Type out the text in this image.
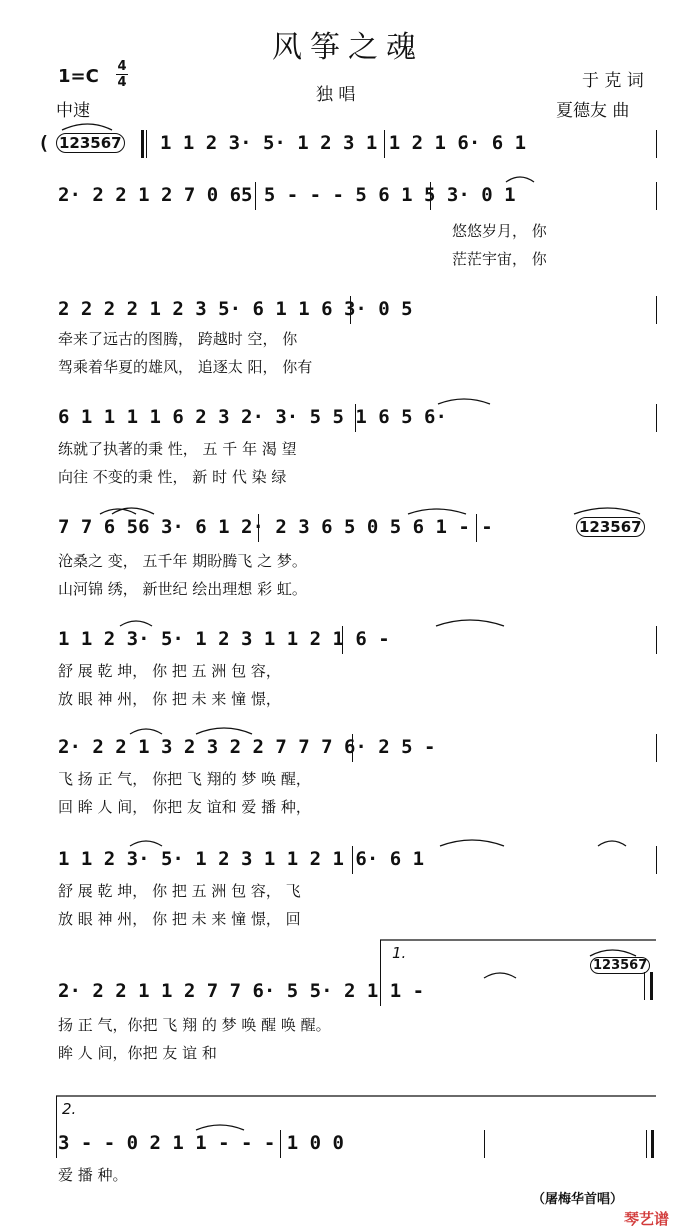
风筝之魂
1=C 4
4
独 唱
于 克 词
夏德友 曲
中速
( 123567 1 1 2 3· 5· 1 2 3 1 1 2 1 6· 6 1
2· 2 2 1 2 7 0 65 5 - - - 5 6 1 5 3· 0 1
悠悠岁月， 你
茫茫宇宙， 你
2 2 2 2 1 2 3 5· 6 1 1 6 3· 0 5
牵来了远古的图腾， 跨越时 空， 你
驾乘着华夏的雄风， 追逐太 阳， 你有
6 1 1 1 1 6 2 3 2· 3· 5 5 1 6 5 6·
练就了执著的秉 性， 五 千 年 渴 望
向往 不变的秉 性， 新 时 代 染 绿
7 7 6 56 3· 6 1 2· 2 3 6 5 0 5 6 1 - -	123567
沧桑之 变， 五千年 期盼腾飞 之 梦。
山河锦 绣， 新世纪 绘出理想 彩 虹。
1 1 2 3· 5· 1 2 3 1 1 2 1 6 -
舒 展 乾 坤， 你 把 五 洲 包 容，
放 眼 神 州， 你 把 未 来 憧 憬，
2· 2 2 1 3 2 3 2 2 7 7 7 6· 2 5 -
飞 扬 正 气， 你把 飞 翔的 梦 唤 醒，
回 眸 人 间， 你把 友 谊和 爱 播 种，
1 1 2 3· 5· 1 2 3 1 1 2 1 6· 6 1
舒 展 乾 坤， 你 把 五 洲 包 容， 飞
放 眼 神 州， 你 把 未 来 憧 憬， 回
1.
123567
2· 2 2 1 1 2 7 7 6· 5 5· 2 1 1 -
扬 正 气，你把 飞 翔 的 梦 唤 醒 唤 醒。
眸 人 间，你把 友 谊 和
2.
3 - - 0 2 1 1 - - - 1 0 0
爱 播 种。
（屠梅华首唱）
琴艺谱
